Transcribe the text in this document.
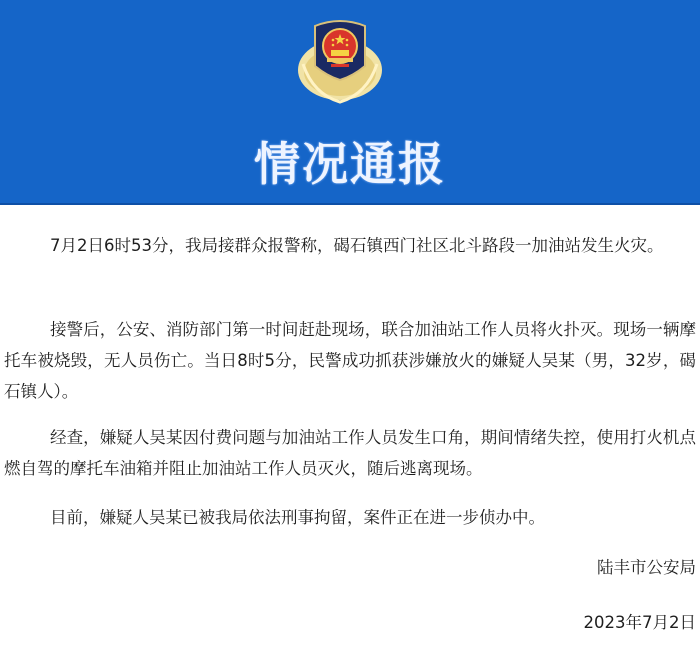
情况通报

7月2日6时53分，我局接群众报警称，碣石镇西门社区北斗路段一加油站发生火灾。

接警后，公安、消防部门第一时间赶赴现场，联合加油站工作人员将火扑灭。现场一辆摩托车被烧毁，无人员伤亡。当日8时5分，民警成功抓获涉嫌放火的嫌疑人吴某（男，32岁，碣石镇人）。

经查，嫌疑人吴某因付费问题与加油站工作人员发生口角，期间情绪失控，使用打火机点燃自驾的摩托车油箱并阻止加油站工作人员灭火，随后逃离现场。

目前，嫌疑人吴某已被我局依法刑事拘留，案件正在进一步侦办中。

陆丰市公安局
2023年7月2日
